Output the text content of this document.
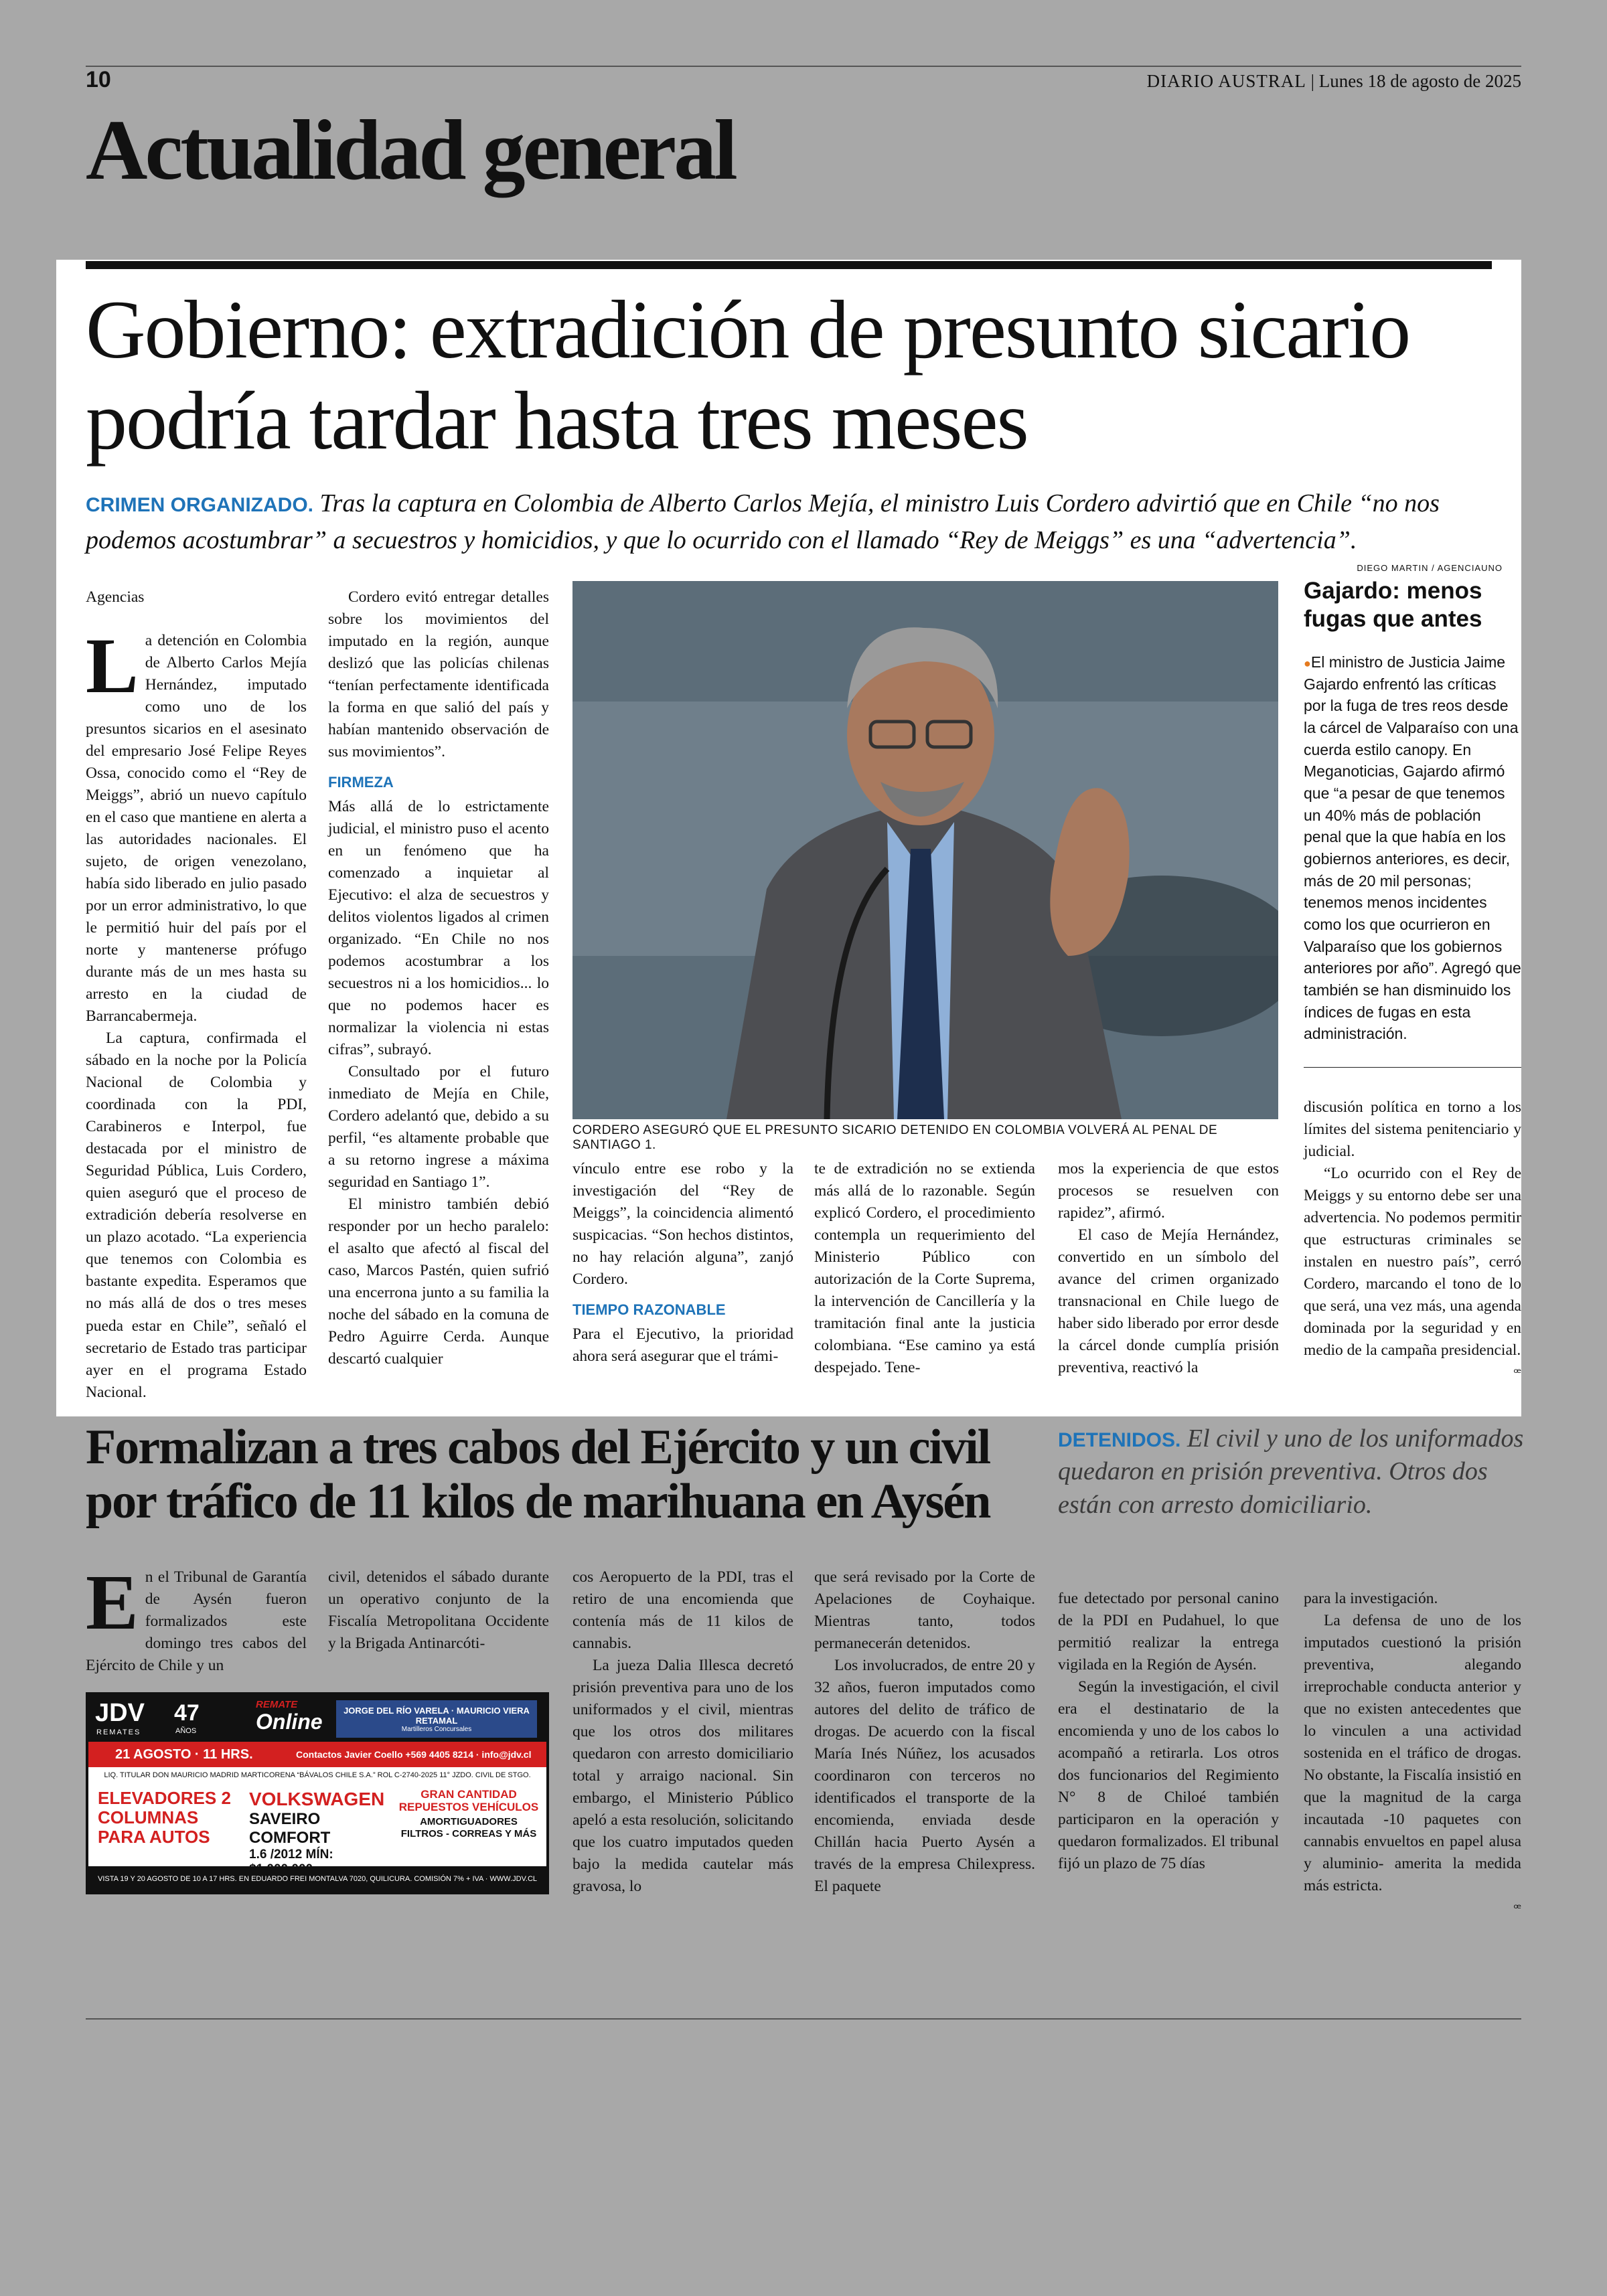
10	DIARIO AUSTRAL | Lunes 18 de agosto de 2025
Actualidad general
Gobierno: extradición de presunto sicario podría tardar hasta tres meses
CRIMEN ORGANIZADO. Tras la captura en Colombia de Alberto Carlos Mejía, el ministro Luis Cordero advirtió que en Chile “no nos podemos acostumbrar” a secuestros y homicidios, y que lo ocurrido con el llamado “Rey de Meiggs” es una “advertencia”.
DIEGO MARTIN / AGENCIAUNO

Agencias

La detención en Colombia de Alberto Carlos Mejía Hernández, imputado como uno de los presuntos sicarios en el asesinato del empresario José Felipe Reyes Ossa, conocido como el “Rey de Meiggs”, abrió un nuevo capítulo en el caso que mantiene en alerta a las autoridades nacionales. El sujeto, de origen venezolano, había sido liberado en julio pasado por un error administrativo, lo que le permitió huir del país por el norte y mantenerse prófugo durante más de un mes hasta su arresto en la ciudad de Barrancabermeja.

La captura, confirmada el sábado en la noche por la Policía Nacional de Colombia y coordinada con la PDI, Carabineros e Interpol, fue destacada por el ministro de Seguridad Pública, Luis Cordero, quien aseguró que el proceso de extradición debería resolverse en un plazo acotado. “La experiencia que tenemos con Colombia es bastante expedita. Esperamos que no más allá de dos o tres meses pueda estar en Chile”, señaló el secretario de Estado tras participar ayer en el programa Estado Nacional.

Cordero evitó entregar detalles sobre los movimientos del imputado en la región, aunque deslizó que las policías chilenas “tenían perfectamente identificada la forma en que salió del país y habían mantenido observación de sus movimientos”.

FIRMEZA

Más allá de lo estrictamente judicial, el ministro puso el acento en un fenómeno que ha comenzado a inquietar al Ejecutivo: el alza de secuestros y delitos violentos ligados al crimen organizado. “En Chile no nos podemos acostumbrar a los secuestros ni a los homicidios... lo que no podemos hacer es normalizar la violencia ni estas cifras”, subrayó.

Consultado por el futuro inmediato de Mejía en Chile, Cordero adelantó que, debido a su perfil, “es altamente probable que a su retorno ingrese a máxima seguridad en Santiago 1”.

El ministro también debió responder por un hecho paralelo: el asalto que afectó al fiscal del caso, Marcos Pastén, quien sufrió una encerrona junto a su familia la noche del sábado en la comuna de Pedro Aguirre Cerda. Aunque descartó cualquier

CORDERO ASEGURÓ QUE EL PRESUNTO SICARIO DETENIDO EN COLOMBIA VOLVERÁ AL PENAL DE SANTIAGO 1.

vínculo entre ese robo y la investigación del “Rey de Meiggs”, la coincidencia alimentó suspicacias. “Son hechos distintos, no hay relación alguna”, zanjó Cordero.

TIEMPO RAZONABLE

Para el Ejecutivo, la prioridad ahora será asegurar que el trámi-

te de extradición no se extienda más allá de lo razonable. Según explicó Cordero, el procedimiento contempla un requerimiento del Ministerio Público con autorización de la Corte Suprema, la intervención de Cancillería y la tramitación final ante la justicia colombiana. “Ese camino ya está despejado. Tene-

mos la experiencia de que estos procesos se resuelven con rapidez”, afirmó.

El caso de Mejía Hernández, convertido en un símbolo del avance del crimen organizado transnacional en Chile luego de haber sido liberado por error desde la cárcel donde cumplía prisión preventiva, reactivó la

Gajardo: menos fugas que antes
●El ministro de Justicia Jaime Gajardo enfrentó las críticas por la fuga de tres reos desde la cárcel de Valparaíso con una cuerda estilo canopy. En Meganoticias, Gajardo afirmó que “a pesar de que tenemos un 40% más de población penal que la que había en los gobiernos anteriores, es decir, más de 20 mil personas; tenemos menos incidentes como los que ocurrieron en Valparaíso que los gobiernos anteriores por año”. Agregó que también se han disminuido los índices de fugas en esta administración.

discusión política en torno a los límites del sistema penitenciario y judicial.

“Lo ocurrido con el Rey de Meiggs y su entorno debe ser una advertencia. No podemos permitir que estructuras criminales se instalen en nuestro país”, cerró Cordero, marcando el tono de lo que será, una vez más, una agenda dominada por la seguridad y en medio de la campaña presidencial.

ꟹ

Formalizan a tres cabos del Ejército y un civil por tráfico de 11 kilos de marihuana en Aysén
DETENIDOS. El civil y uno de los uniformados quedaron en prisión preventiva. Otros dos están con arresto domiciliario.

En el Tribunal de Garantía de Aysén fueron formalizados este domingo tres cabos del Ejército de Chile y un

civil, detenidos el sábado durante un operativo conjunto de la Fiscalía Metropolitana Occidente y la Brigada Antinarcóti-

cos Aeropuerto de la PDI, tras el retiro de una encomienda que contenía más de 11 kilos de cannabis.

La jueza Dalia Illesca decretó prisión preventiva para uno de los uniformados y el civil, mientras que los otros dos militares quedaron con arresto domiciliario total y arraigo nacional. Sin embargo, el Ministerio Público apeló a esta resolución, solicitando que los cuatro imputados queden bajo la medida cautelar más gravosa, lo

que será revisado por la Corte de Apelaciones de Coyhaique. Mientras tanto, todos permanecerán detenidos.

Los involucrados, de entre 20 y 32 años, fueron imputados como autores del delito de tráfico de drogas. De acuerdo con la fiscal María Inés Núñez, los acusados coordinaron con terceros no identificados el transporte de la encomienda, enviada desde Chillán hacia Puerto Aysén a través de la empresa Chilexpress. El paquete

fue detectado por personal canino de la PDI en Pudahuel, lo que permitió realizar la entrega vigilada en la Región de Aysén.

Según la investigación, el civil era el destinatario de la encomienda y uno de los cabos lo acompañó a retirarla. Los otros dos funcionarios del Regimiento N° 8 de Chiloé también participaron en la operación y quedaron formalizados. El tribunal fijó un plazo de 75 días

para la investigación.

La defensa de uno de los imputados cuestionó la prisión preventiva, alegando irreprochable conducta anterior y que no existen antecedentes que lo vinculen a una actividad sostenida en el tráfico de drogas. No obstante, la Fiscalía insistió en que la magnitud de la carga incautada -10 paquetes con cannabis envueltos en papel alusa y aluminio- amerita la medida más estricta.

ꟹ

JDV
REMATES
47
AÑOS
REMATE
Online	JORGE DEL RÍO VARELA · MAURICIO VIERA RETAMAL
Martilleros Concursales
21 AGOSTO · 11 HRS.	Contactos Javier Coello +569 4405 8214 · info@jdv.cl
LIQ. TITULAR DON MAURICIO MADRID MARTICORENA “BÁVALOS CHILE S.A.” ROL C-2740-2025 11° JZDO. CIVIL DE STGO.
ELEVADORES 2 COLUMNAS PARA AUTOS
VOLKSWAGEN
SAVEIRO COMFORT
1.6 /2012 MÍN:
GRAN CANTIDAD REPUESTOS VEHÍCULOS
AMORTIGUADORES FILTROS - CORREAS Y MÁS
VISTA 19 Y 20 AGOSTO DE 10 A 17 HRS. EN EDUARDO FREI MONTALVA 7020, QUILICURA. COMISIÓN 7% + IVA · WWW.JDV.CL
